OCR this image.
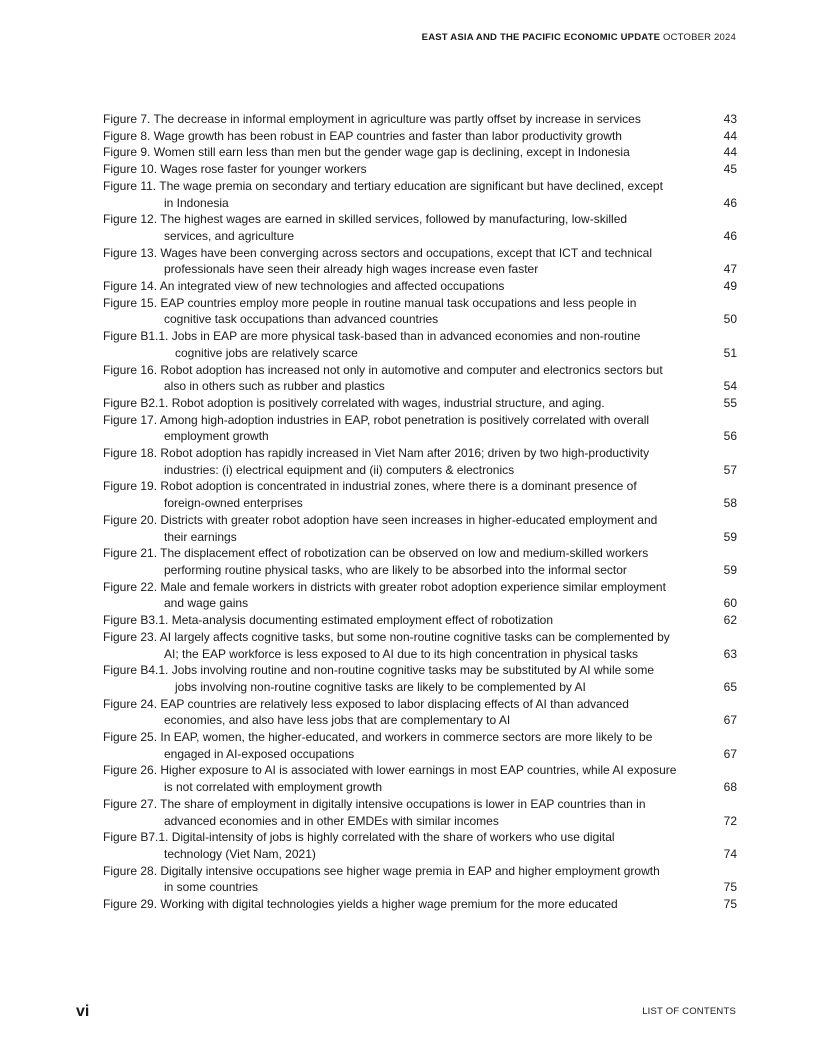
EAST ASIA AND THE PACIFIC ECONOMIC UPDATE OCTOBER 2024
Figure 7. The decrease in informal employment in agriculture was partly offset by increase in services	43
Figure 8. Wage growth has been robust in EAP countries and faster than labor productivity growth	44
Figure 9. Women still earn less than men but the gender wage gap is declining, except in Indonesia	44
Figure 10. Wages rose faster for younger workers	45
Figure 11. The wage premia on secondary and tertiary education are significant but have declined, except
in Indonesia	46
Figure 12. The highest wages are earned in skilled services, followed by manufacturing, low-skilled
services, and agriculture	46
Figure 13. Wages have been converging across sectors and occupations, except that ICT and technical
professionals have seen their already high wages increase even faster	47
Figure 14. An integrated view of new technologies and affected occupations	49
Figure 15. EAP countries employ more people in routine manual task occupations and less people in
cognitive task occupations than advanced countries	50
Figure B1.1. Jobs in EAP are more physical task-based than in advanced economies and non-routine
cognitive jobs are relatively scarce	51
Figure 16. Robot adoption has increased not only in automotive and computer and electronics sectors but
also in others such as rubber and plastics	54
Figure B2.1. Robot adoption is positively correlated with wages, industrial structure, and aging.	55
Figure 17. Among high-adoption industries in EAP, robot penetration is positively correlated with overall
employment growth	56
Figure 18. Robot adoption has rapidly increased in Viet Nam after 2016; driven by two high-productivity
industries: (i) electrical equipment and (ii) computers & electronics	57
Figure 19. Robot adoption is concentrated in industrial zones, where there is a dominant presence of
foreign-owned enterprises	58
Figure 20. Districts with greater robot adoption have seen increases in higher-educated employment and
their earnings	59
Figure 21. The displacement effect of robotization can be observed on low and medium-skilled workers
performing routine physical tasks, who are likely to be absorbed into the informal sector	59
Figure 22. Male and female workers in districts with greater robot adoption experience similar employment
and wage gains	60
Figure B3.1. Meta-analysis documenting estimated employment effect of robotization	62
Figure 23. AI largely affects cognitive tasks, but some non-routine cognitive tasks can be complemented by
AI; the EAP workforce is less exposed to AI due to its high concentration in physical tasks	63
Figure B4.1. Jobs involving routine and non-routine cognitive tasks may be substituted by AI while some
jobs involving non-routine cognitive tasks are likely to be complemented by AI	65
Figure 24. EAP countries are relatively less exposed to labor displacing effects of AI than advanced
economies, and also have less jobs that are complementary to AI	67
Figure 25. In EAP, women, the higher-educated, and workers in commerce sectors are more likely to be
engaged in AI-exposed occupations	67
Figure 26. Higher exposure to AI is associated with lower earnings in most EAP countries, while AI exposure
is not correlated with employment growth	68
Figure 27. The share of employment in digitally intensive occupations is lower in EAP countries than in
advanced economies and in other EMDEs with similar incomes	72
Figure B7.1. Digital-intensity of jobs is highly correlated with the share of workers who use digital
technology (Viet Nam, 2021)	74
Figure 28. Digitally intensive occupations see higher wage premia in EAP and higher employment growth
in some countries	75
Figure 29. Working with digital technologies yields a higher wage premium for the more educated	75
vi	LIST OF CONTENTS
